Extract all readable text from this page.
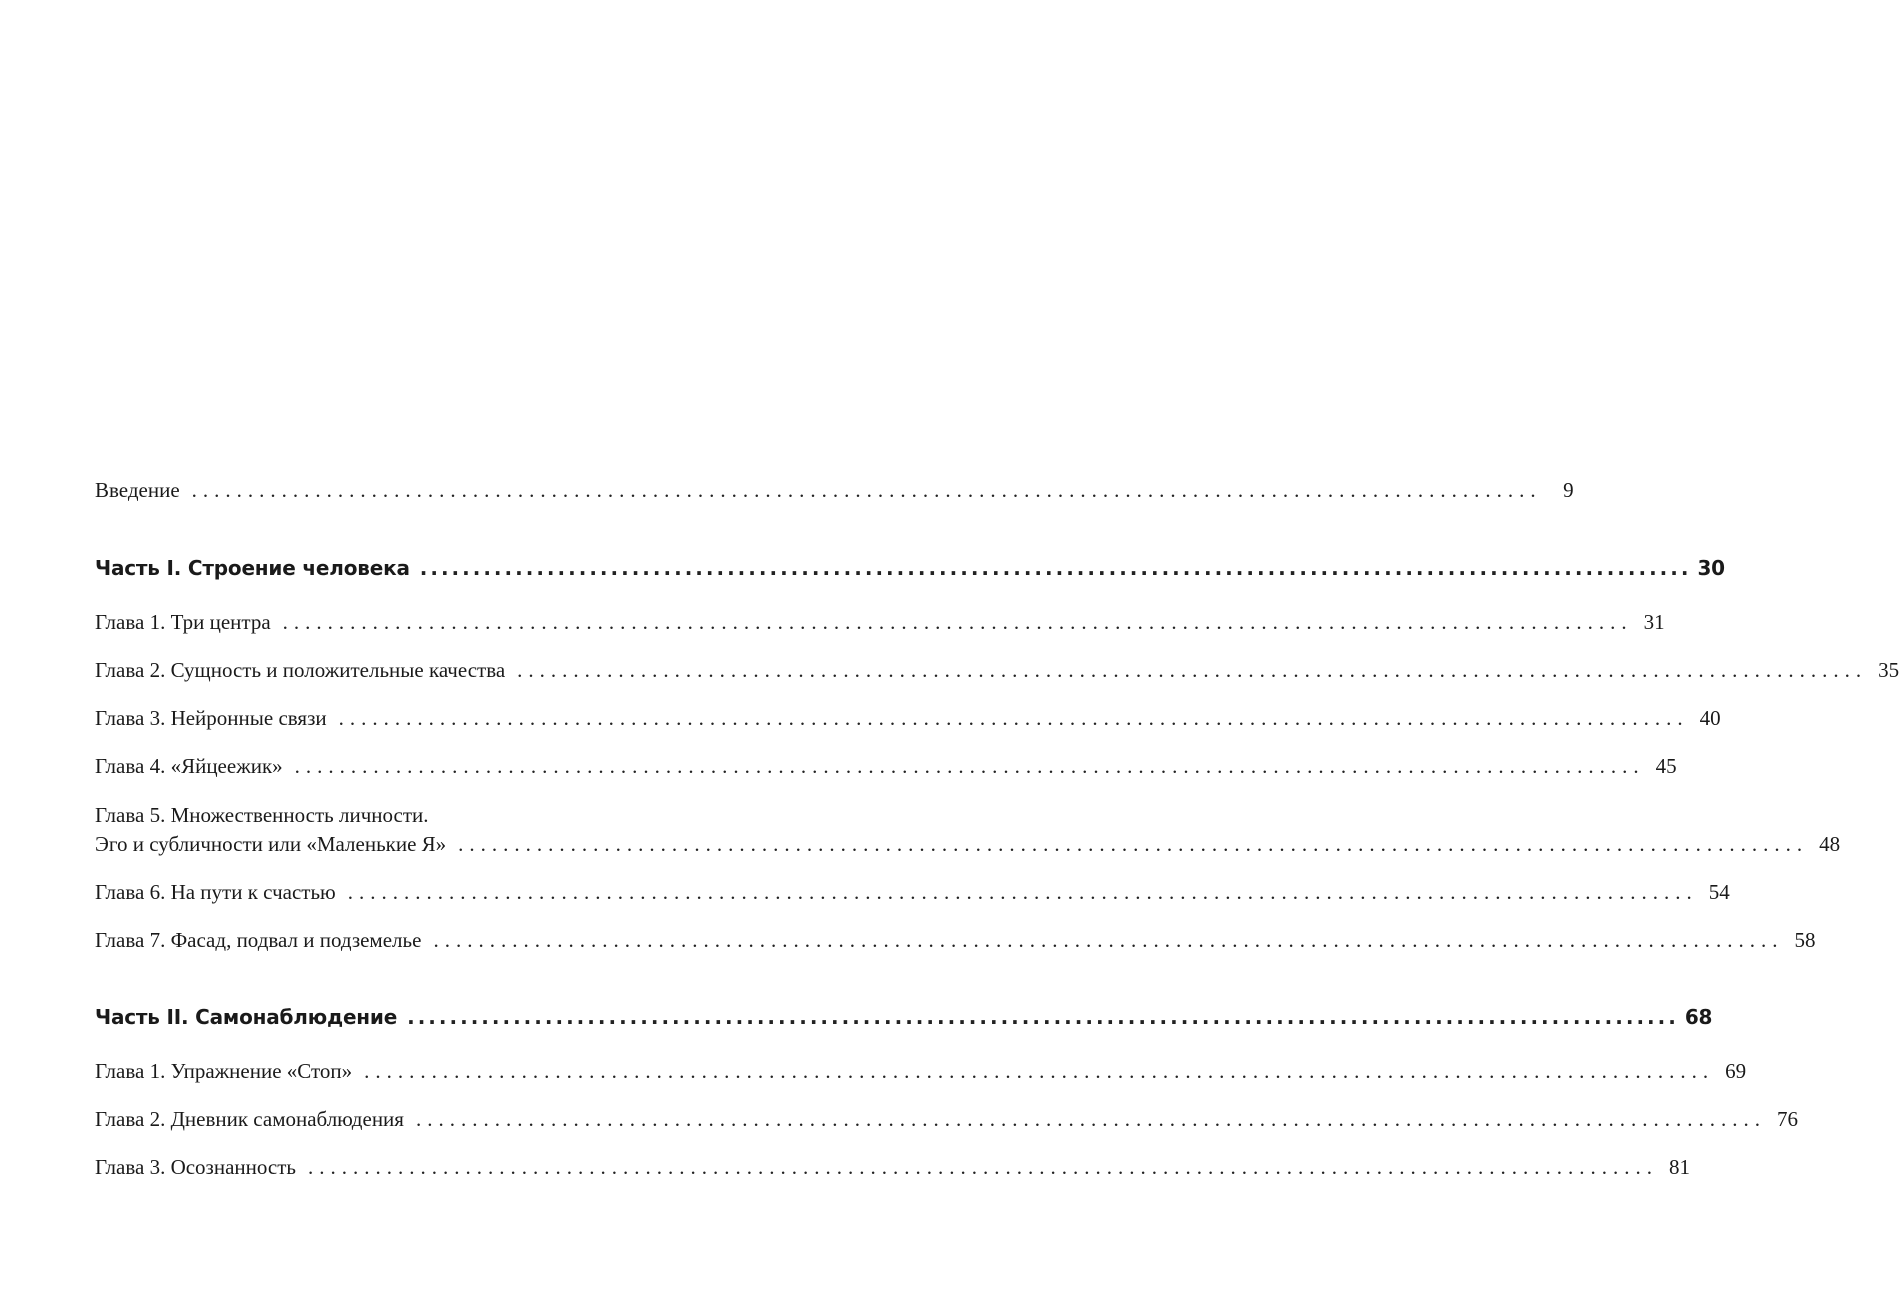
Введение ........................................................................................................................	9
Часть I. Строение человека ........................................................................................................................ 30
Глава 1. Три центра ........................................................................................................................ 31
Глава 2. Сущность и положительные качества ........................................................................................................................ 35
Глава 3. Нейронные связи ........................................................................................................................ 40
Глава 4. «Яйцеежик» ........................................................................................................................ 45
Глава 5. Множественность личности.
Эго и субличности или «Маленькие Я» ........................................................................................................................ 48
Глава 6. На пути к счастью ........................................................................................................................ 54
Глава 7. Фасад, подвал и подземелье ........................................................................................................................ 58
Часть II. Самонаблюдение ........................................................................................................................ 68
Глава 1. Упражнение «Стоп» ........................................................................................................................ 69
Глава 2. Дневник самонаблюдения ........................................................................................................................ 76
Глава 3. Осознанность ........................................................................................................................ 81
